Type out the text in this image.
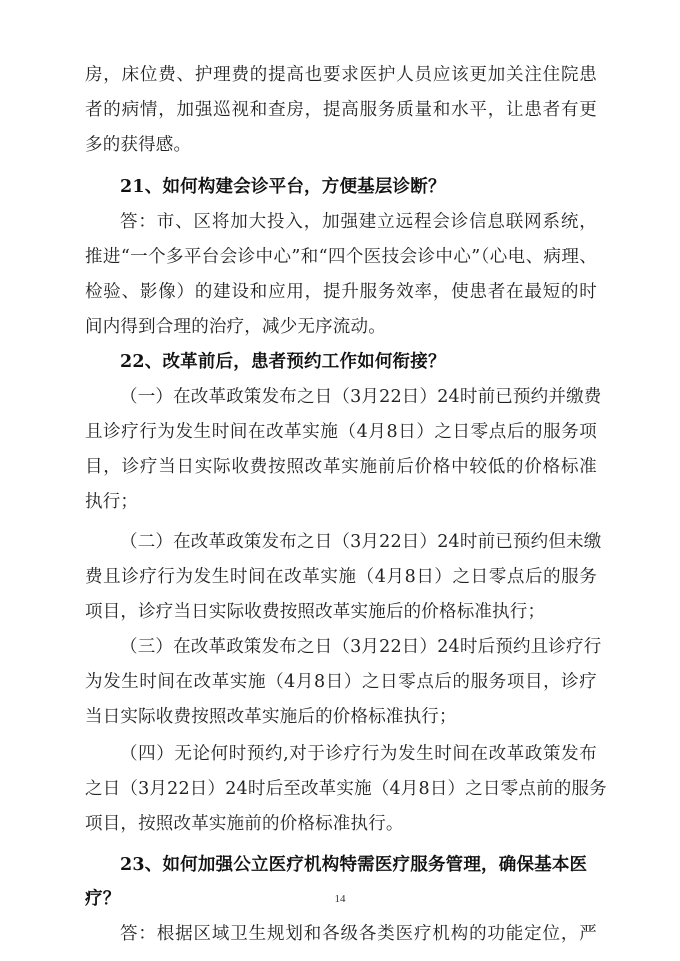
房，床位费、护理费的提高也要求医护人员应该更加关注住院患
者的病情，加强巡视和查房，提高服务质量和水平，让患者有更
多的获得感。
21、如何构建会诊平台，方便基层诊断？
答：市、区将加大投入，加强建立远程会诊信息联网系统，
推进“一个多平台会诊中心”和“四个医技会诊中心”（心电、病理、
检验、影像）的建设和应用，提升服务效率，使患者在最短的时
间内得到合理的治疗，减少无序流动。
22、改革前后，患者预约工作如何衔接？
（一）在改革政策发布之日（3月22日）24时前已预约并缴费
且诊疗行为发生时间在改革实施（4月8日）之日零点后的服务项
目，诊疗当日实际收费按照改革实施前后价格中较低的价格标准
执行；
（二）在改革政策发布之日（3月22日）24时前已预约但未缴
费且诊疗行为发生时间在改革实施（4月8日）之日零点后的服务
项目，诊疗当日实际收费按照改革实施后的价格标准执行；
（三）在改革政策发布之日（3月22日）24时后预约且诊疗行
为发生时间在改革实施（4月8日）之日零点后的服务项目，诊疗
当日实际收费按照改革实施后的价格标准执行；
（四）无论何时预约,对于诊疗行为发生时间在改革政策发布
之日（3月22日）24时后至改革实施（4月8日）之日零点前的服务
项目，按照改革实施前的价格标准执行。
23、如何加强公立医疗机构特需医疗服务管理，确保基本医
疗？
答：根据区域卫生规划和各级各类医疗机构的功能定位，严
14
